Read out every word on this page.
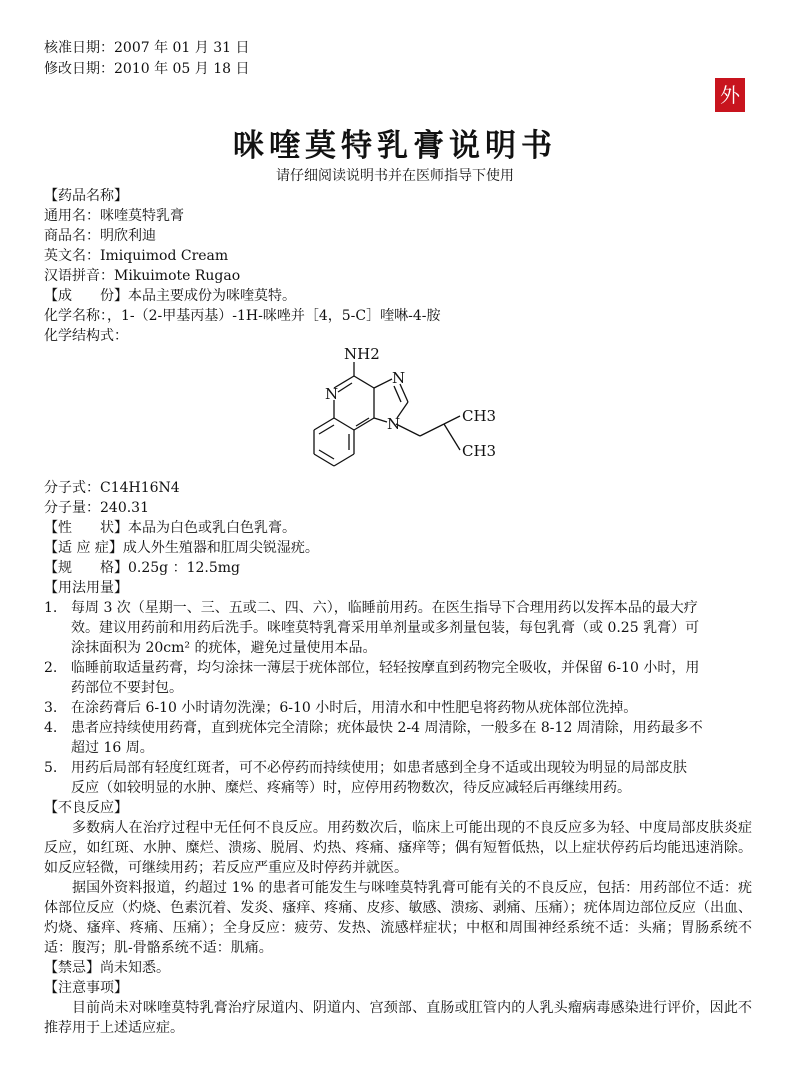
核准日期：2007 年 01 月 31 日
修改日期：2010 年 05 月 18 日
外
咪喹莫特乳膏说明书
请仔细阅读说明书并在医师指导下使用
【药品名称】
通用名：咪喹莫特乳膏
商品名：明欣利迪
英文名：Imiquimod Cream
汉语拼音：Mikuimote Rugao
【成　　份】本品主要成份为咪喹莫特。
化学名称：，1-（2-甲基丙基）-1H-咪唑并［4，5-C］喹啉-4-胺
化学结构式：
NH2
N
N
N	CH3
CH3
分子式：C14H16N4
分子量：240.31
【性　　状】本品为白色或乳白色乳膏。
【适 应 症】成人外生殖器和肛周尖锐湿疣。
【规　　格】0.25g ：12.5mg
【用法用量】
1. 每周 3 次（星期一、三、五或二、四、六），临睡前用药。在医生指导下合理用药以发挥本品的最大疗
效。建议用药前和用药后洗手。咪喹莫特乳膏采用单剂量或多剂量包装，每包乳膏（或 0.25 乳膏）可
涂抹面积为 20cm² 的疣体，避免过量使用本品。
2. 临睡前取适量药膏，均匀涂抹一薄层于疣体部位，轻轻按摩直到药物完全吸收，并保留 6-10 小时，用
药部位不要封包。
3. 在涂药膏后 6-10 小时请勿洗澡；6-10 小时后，用清水和中性肥皂将药物从疣体部位洗掉。
4. 患者应持续使用药膏，直到疣体完全清除；疣体最快 2-4 周清除，一般多在 8-12 周清除，用药最多不
超过 16 周。
5. 用药后局部有轻度红斑者，可不必停药而持续使用；如患者感到全身不适或出现较为明显的局部皮肤
反应（如较明显的水肿、糜烂、疼痛等）时，应停用药物数次，待反应减轻后再继续用药。
【不良反应】
多数病人在治疗过程中无任何不良反应。用药数次后，临床上可能出现的不良反应多为轻、中度局部皮肤炎症反应，如红斑、水肿、糜烂、溃疡、脱屑、灼热、疼痛、瘙痒等；偶有短暂低热，以上症状停药后均能迅速消除。如反应轻微，可继续用药；若反应严重应及时停药并就医。
据国外资料报道，约超过 1% 的患者可能发生与咪喹莫特乳膏可能有关的不良反应，包括：用药部位不适：疣体部位反应（灼烧、色素沉着、发炎、瘙痒、疼痛、皮疹、敏感、溃疡、剥痛、压痛）；疣体周边部位反应（出血、灼烧、瘙痒、疼痛、压痛）；全身反应：疲劳、发热、流感样症状；中枢和周围神经系统不适：头痛；胃肠系统不适：腹泻；肌-骨骼系统不适：肌痛。
【禁忌】尚未知悉。
【注意事项】
目前尚未对咪喹莫特乳膏治疗尿道内、阴道内、宫颈部、直肠或肛管内的人乳头瘤病毒感染进行评价，因此不推荐用于上述适应症。
